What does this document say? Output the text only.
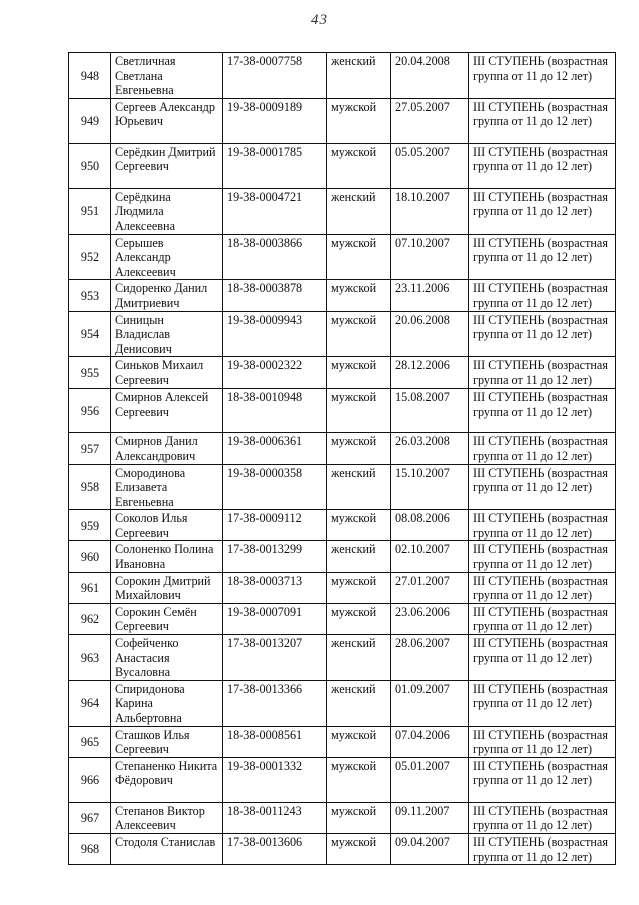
43
948	Светличная Светлана Евгеньевна	17-38-0007758	женский	20.04.2008	III СТУПЕНЬ (возрастная группа от 11 до 12 лет)
949	Сергеев Александр Юрьевич	19-38-0009189	мужской	27.05.2007	III СТУПЕНЬ (возрастная группа от 11 до 12 лет)
950	Серёдкин Дмитрий Сергеевич	19-38-0001785	мужской	05.05.2007	III СТУПЕНЬ (возрастная группа от 11 до 12 лет)
951	Серёдкина Людмила Алексеевна	19-38-0004721	женский	18.10.2007	III СТУПЕНЬ (возрастная группа от 11 до 12 лет)
952	Серышев Александр Алексеевич	18-38-0003866	мужской	07.10.2007	III СТУПЕНЬ (возрастная группа от 11 до 12 лет)
953	Сидоренко Данил Дмитриевич	18-38-0003878	мужской	23.11.2006	III СТУПЕНЬ (возрастная группа от 11 до 12 лет)
954	Синицын Владислав Денисович	19-38-0009943	мужской	20.06.2008	III СТУПЕНЬ (возрастная группа от 11 до 12 лет)
955	Синьков Михаил Сергеевич	19-38-0002322	мужской	28.12.2006	III СТУПЕНЬ (возрастная группа от 11 до 12 лет)
956	Смирнов Алексей Сергеевич	18-38-0010948	мужской	15.08.2007	III СТУПЕНЬ (возрастная группа от 11 до 12 лет)
957	Смирнов Данил Александрович	19-38-0006361	мужской	26.03.2008	III СТУПЕНЬ (возрастная группа от 11 до 12 лет)
958	Смородинова Елизавета Евгеньевна	19-38-0000358	женский	15.10.2007	III СТУПЕНЬ (возрастная группа от 11 до 12 лет)
959	Соколов Илья Сергеевич	17-38-0009112	мужской	08.08.2006	III СТУПЕНЬ (возрастная группа от 11 до 12 лет)
960	Солоненко Полина Ивановна	17-38-0013299	женский	02.10.2007	III СТУПЕНЬ (возрастная группа от 11 до 12 лет)
961	Сорокин Дмитрий Михайлович	18-38-0003713	мужской	27.01.2007	III СТУПЕНЬ (возрастная группа от 11 до 12 лет)
962	Сорокин Семён Сергеевич	19-38-0007091	мужской	23.06.2006	III СТУПЕНЬ (возрастная группа от 11 до 12 лет)
963	Софейченко Анастасия Вусаловна	17-38-0013207	женский	28.06.2007	III СТУПЕНЬ (возрастная группа от 11 до 12 лет)
964	Спиридонова Карина Альбертовна	17-38-0013366	женский	01.09.2007	III СТУПЕНЬ (возрастная группа от 11 до 12 лет)
965	Сташков Илья Сергеевич	18-38-0008561	мужской	07.04.2006	III СТУПЕНЬ (возрастная группа от 11 до 12 лет)
966	Степаненко Никита Фёдорович	19-38-0001332	мужской	05.01.2007	III СТУПЕНЬ (возрастная группа от 11 до 12 лет)
967	Степанов Виктор Алексеевич	18-38-0011243	мужской	09.11.2007	III СТУПЕНЬ (возрастная группа от 11 до 12 лет)
968	Стодоля Станислав	17-38-0013606	мужской	09.04.2007	III СТУПЕНЬ (возрастная группа от 11 до 12 лет)
